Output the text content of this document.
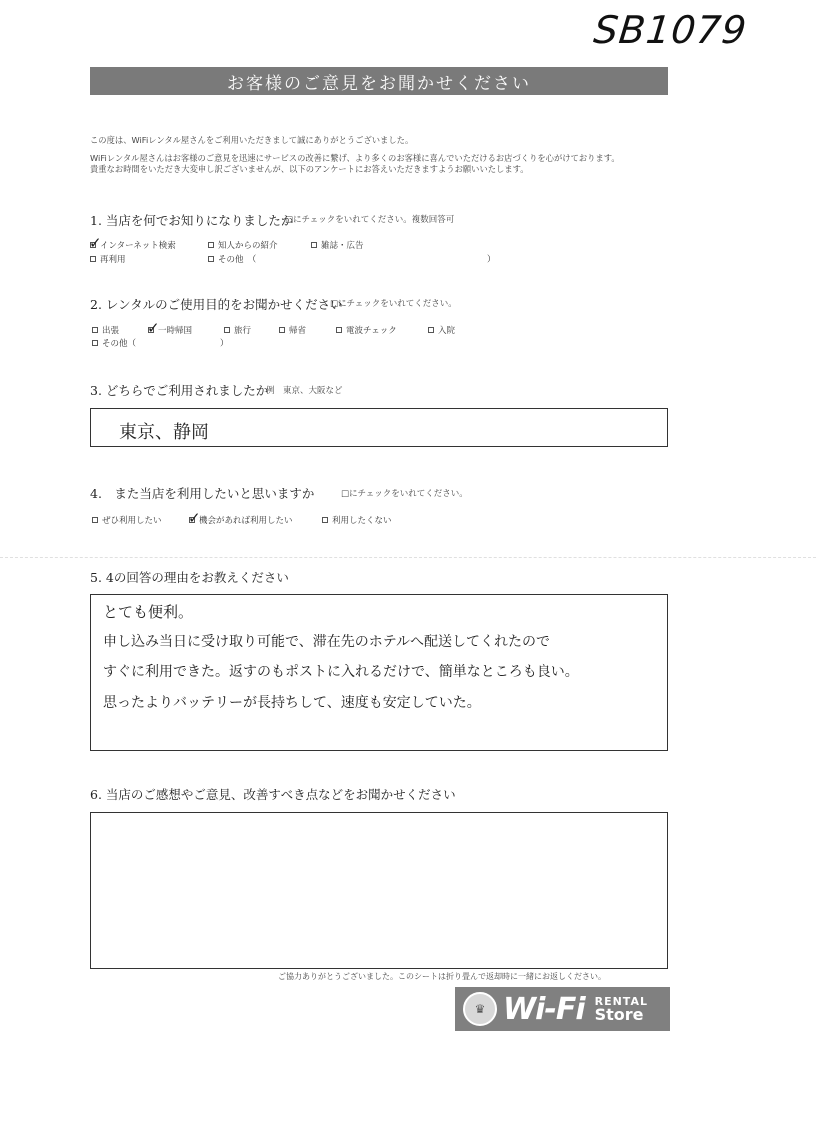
SB1079
お客様のご意見をお聞かせください
この度は、WiFiレンタル屋さんをご利用いただきまして誠にありがとうございました。
WiFiレンタル屋さんはお客様のご意見を迅速にサービスの改善に繋げ、より多くのお客様に喜んでいただけるお店づくりを心がけております。
貴重なお時間をいただき大変申し訳ございませんが、以下のアンケートにお答えいただきますようお願いいたします。
1. 当店を何でお知りになりましたか
□にチェックをいれてください。複数回答可
✓
インターネット検索	知人からの紹介	雑誌・広告
再利用	その他　（	）
2. レンタルのご使用目的をお聞かせください
□にチェックをいれてください。
出張 ✓
一時帰国	旅行	帰省	電波チェック	入院
その他（	）
3. どちらでご利用されましたか
例　東京、大阪など
東京、静岡
4.　また当店を利用したいと思いますか	□にチェックをいれてください。
ぜひ利用したい ✓
機会があれば利用したい	利用したくない
5. 4の回答の理由をお教えください
とても便利。
申し込み当日に受け取り可能で、滞在先のホテルへ配送してくれたので
すぐに利用できた。返すのもポストに入れるだけで、簡単なところも良い。
思ったよりバッテリーが長持ちして、速度も安定していた。
6. 当店のご感想やご意見、改善すべき点などをお聞かせください
ご協力ありがとうございました。このシートは折り畳んで返却時に一緒にお返しください。
♛ Wi-Fi RENTAL
Store
